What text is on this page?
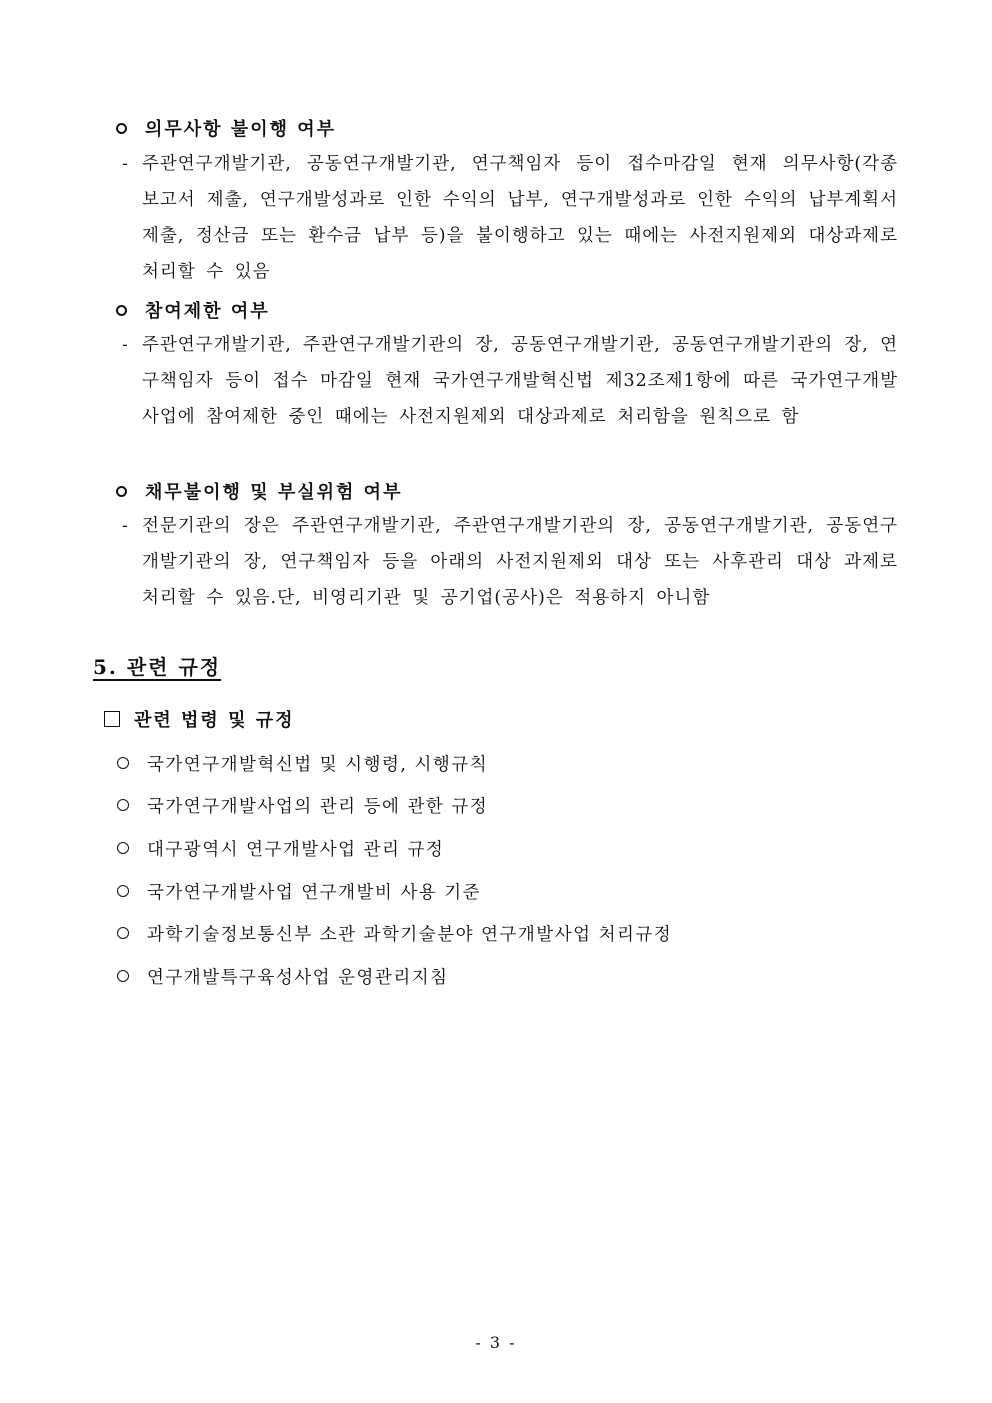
의무사항 불이행 여부
- 주관연구개발기관, 공동연구개발기관, 연구책임자 등이 접수마감일 현재 의무사항(각종 보고서 제출, 연구개발성과로 인한 수익의 납부, 연구개발성과로 인한 수익의 납부계획서 제출, 정산금 또는 환수금 납부 등)을 불이행하고 있는 때에는 사전지원제외 대상과제로 처리할 수 있음
참여제한 여부
- 주관연구개발기관, 주관연구개발기관의 장, 공동연구개발기관, 공동연구개발기관의 장, 연구책임자 등이 접수 마감일 현재 국가연구개발혁신법 제32조제1항에 따른 국가연구개발사업에 참여제한 중인 때에는 사전지원제외 대상과제로 처리함을 원칙으로 함
채무불이행 및 부실위험 여부
- 전문기관의 장은 주관연구개발기관, 주관연구개발기관의 장, 공동연구개발기관, 공동연구개발기관의 장, 연구책임자 등을 아래의 사전지원제외 대상 또는 사후관리 대상 과제로 처리할 수 있음.단, 비영리기관 및 공기업(공사)은 적용하지 아니함
5. 관련 규정
관련 법령 및 규정
국가연구개발혁신법 및 시행령, 시행규칙
국가연구개발사업의 관리 등에 관한 규정
대구광역시 연구개발사업 관리 규정
국가연구개발사업 연구개발비 사용 기준
과학기술정보통신부 소관 과학기술분야 연구개발사업 처리규정
연구개발특구육성사업 운영관리지침
- 3 -
